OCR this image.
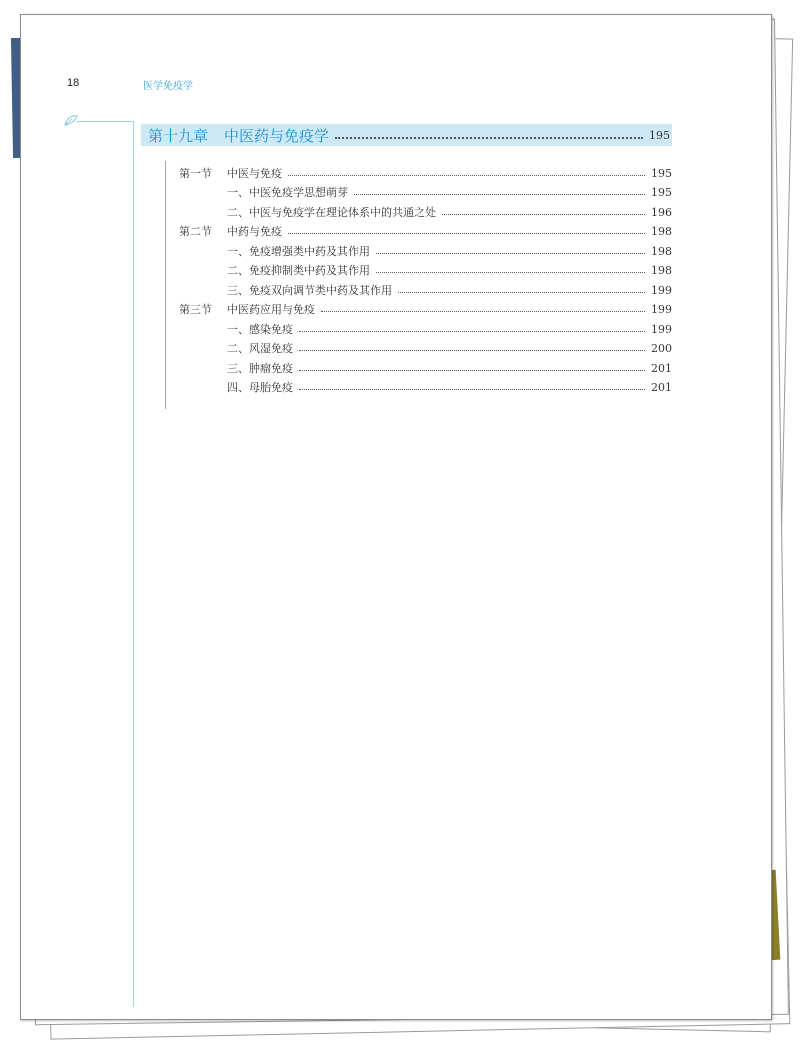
18	医学免疫学
第十九章 中医药与免疫学	195
第一节	中医与免疫	195
一、中医免疫学思想萌芽	195
二、中医与免疫学在理论体系中的共通之处	196
第二节	中药与免疫	198
一、免疫增强类中药及其作用	198
二、免疫抑制类中药及其作用	198
三、免疫双向调节类中药及其作用	199
第三节	中医药应用与免疫	199
一、感染免疫	199
二、风湿免疫	200
三、肿瘤免疫	201
四、母胎免疫	201
